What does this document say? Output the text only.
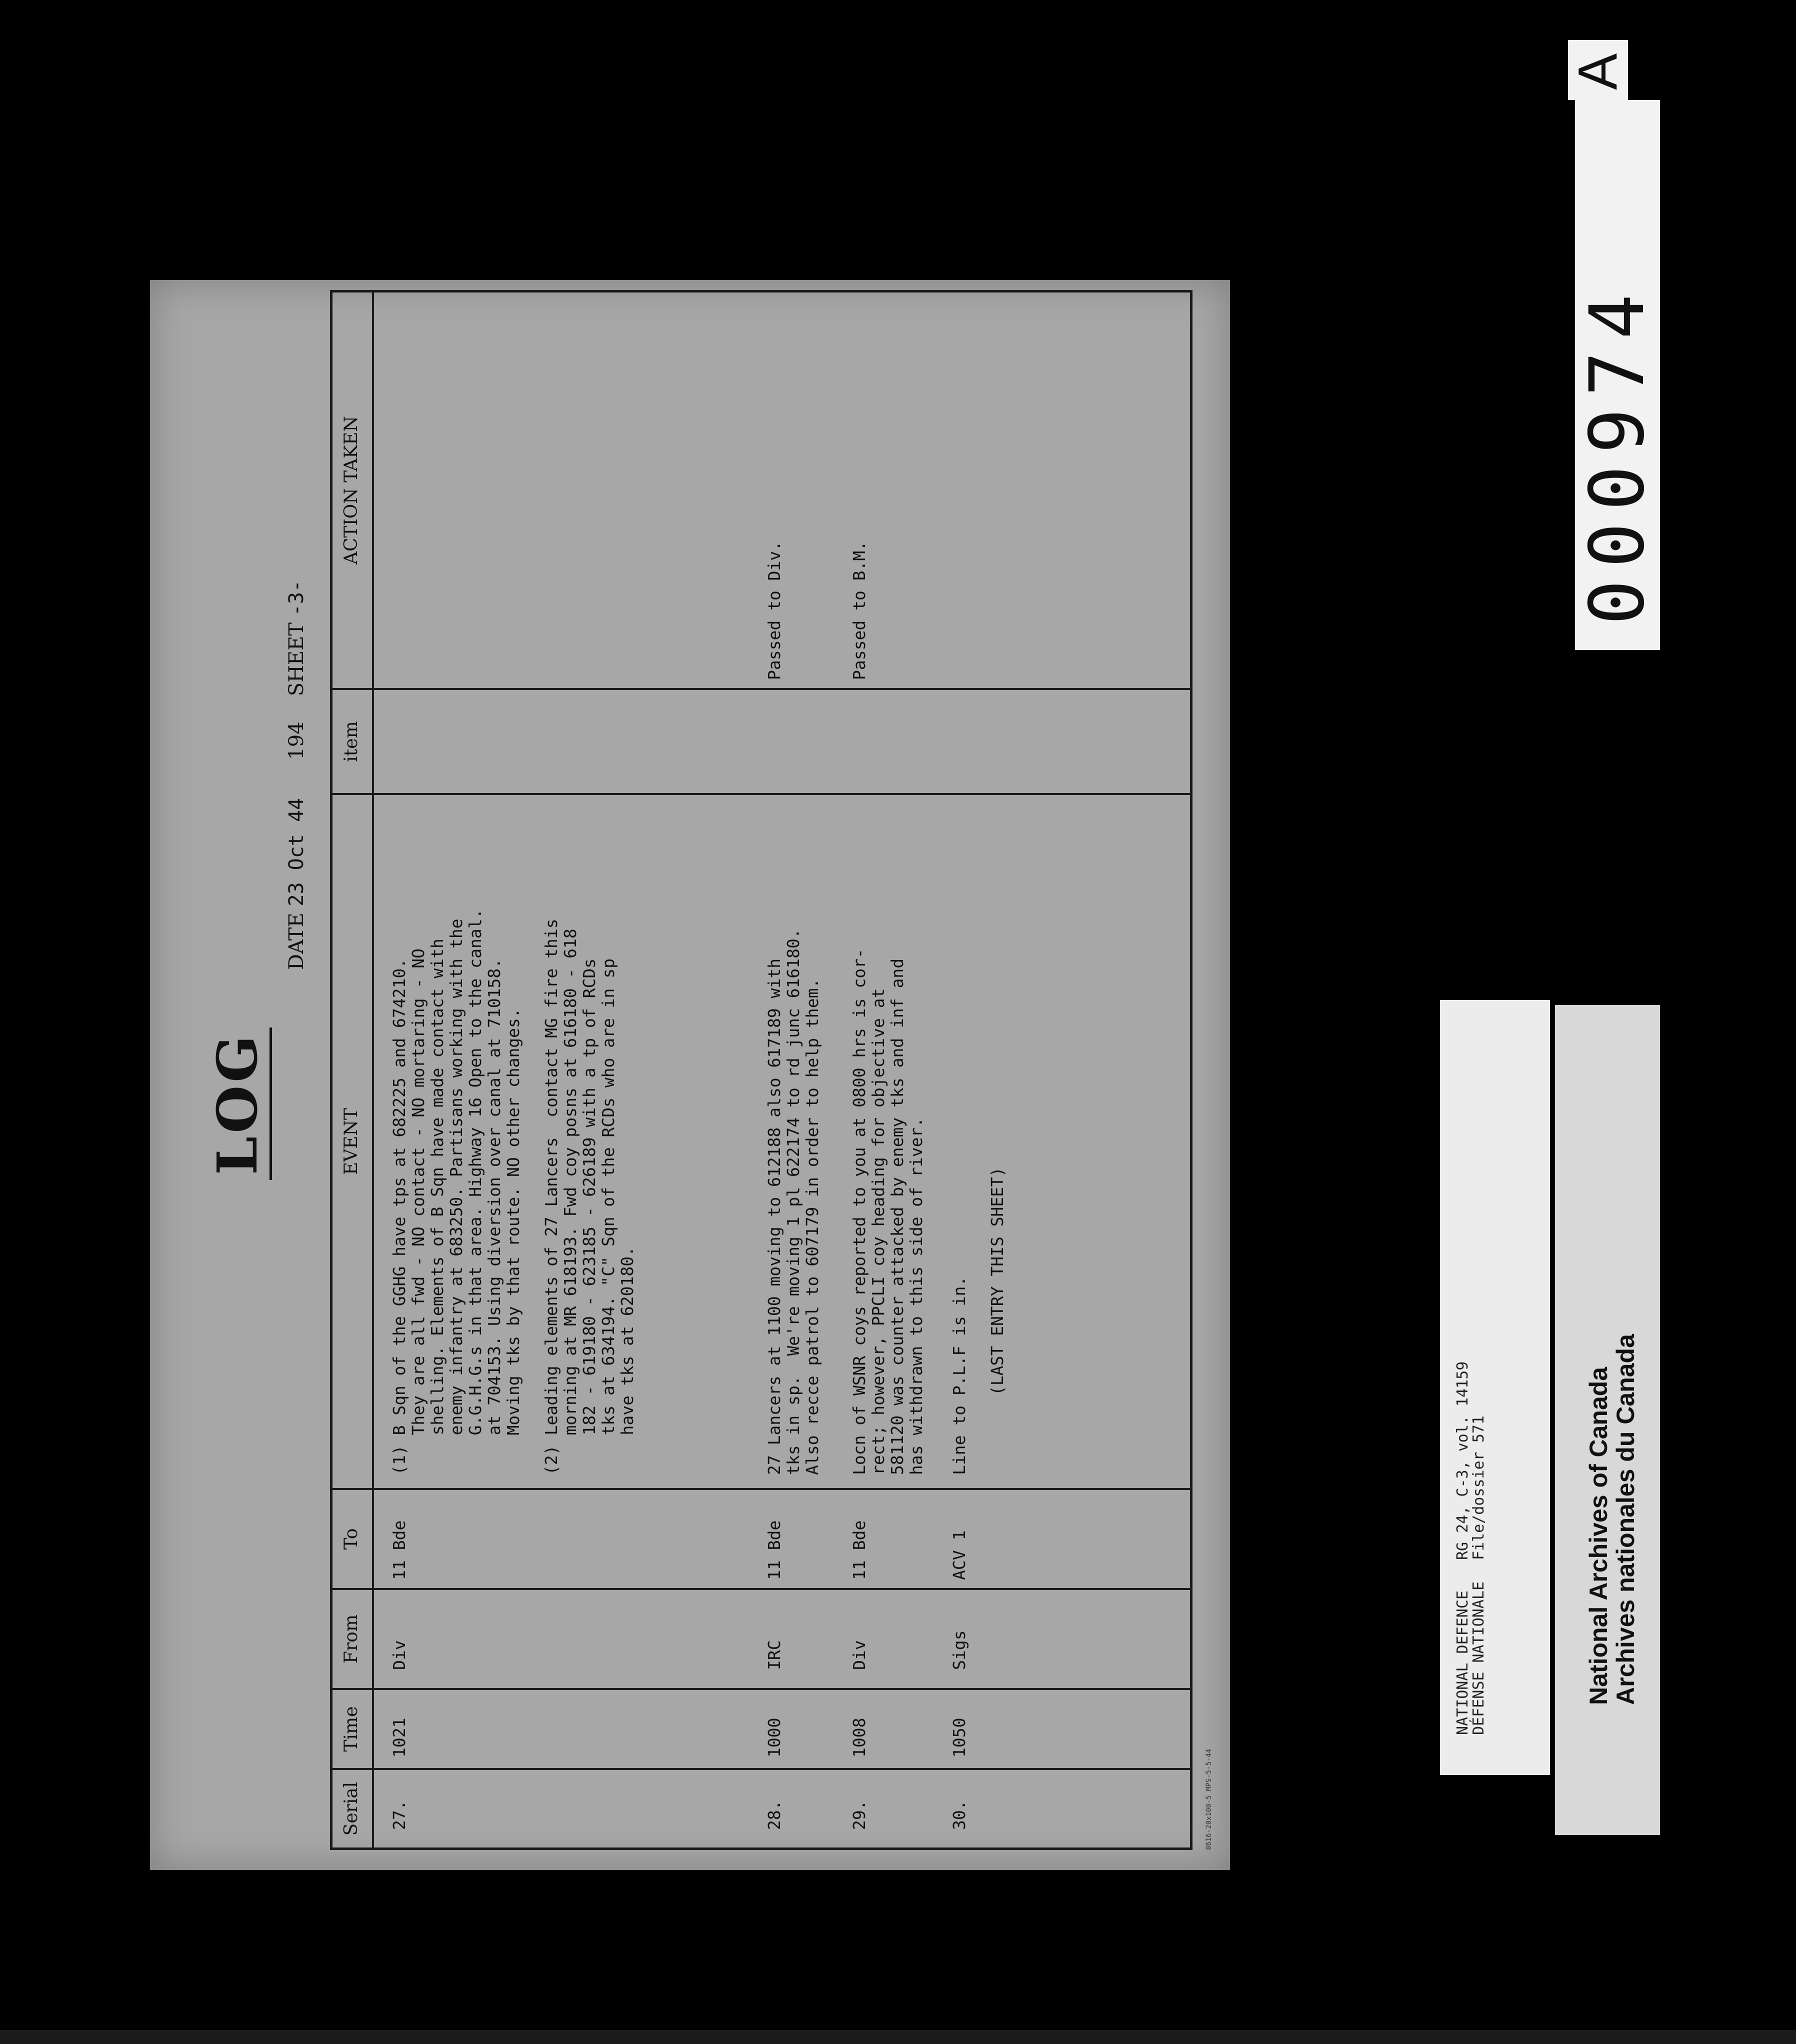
LOG
DATE 23 Oct 44      194    SHEET -3-
Serial
Time
From
To
EVENT
item
ACTION TAKEN
27.
1021
Div
11 Bde
(1) B Sqn of the GGHG have tps at 682225 and 674210.
They are all fwd - NO contact - NO mortaring - NO
shelling. Elements of B Sqn have made contact with
enemy infantry at 683250. Partisans working with the
G.G.H.G.s in that area. Highway 16 Open to the canal.
at 704153. Using diversion over canal at 710158.
Moving tks by that route. NO other changes.

(2) Leading elements of 27 Lancers  contact MG fire this
morning at MR 618193. Fwd coy posns at 616180 - 618
182 - 619180 - 623185 - 626189 with a tp of RCDs
tks at 634194. "C" Sqn of the RCDs who are in sp
have tks at 620180.
28.
1000
IRC
11 Bde
27 Lancers at 1100 moving to 612188 also 617189 with
tks in sp.  We're moving 1 pl 622174 to rd junc 616180.
Also recce patrol to 607179 in order to help them.
Passed to Div.
29.
1008
Div
11 Bde
Locn of WSNR coys reported to you at 0800 hrs is cor-
rect; however, PPCLI coy heading for objective at
581120 was counter attacked by enemy tks and inf and
has withdrawn to this side of river.
Passed to B.M.
30.
1050
Sigs
ACV 1
Line to P.L.F is in.

(LAST ENTRY THIS SHEET)
8616-20x100-5 MPS-5-5-44
NATIONAL DEFENCE
DÉFENSE NATIONALE
RG 24, C-3, vol. 14159
File/dossier 571
National Archives of Canada
Archives nationales du Canada
000974
A
